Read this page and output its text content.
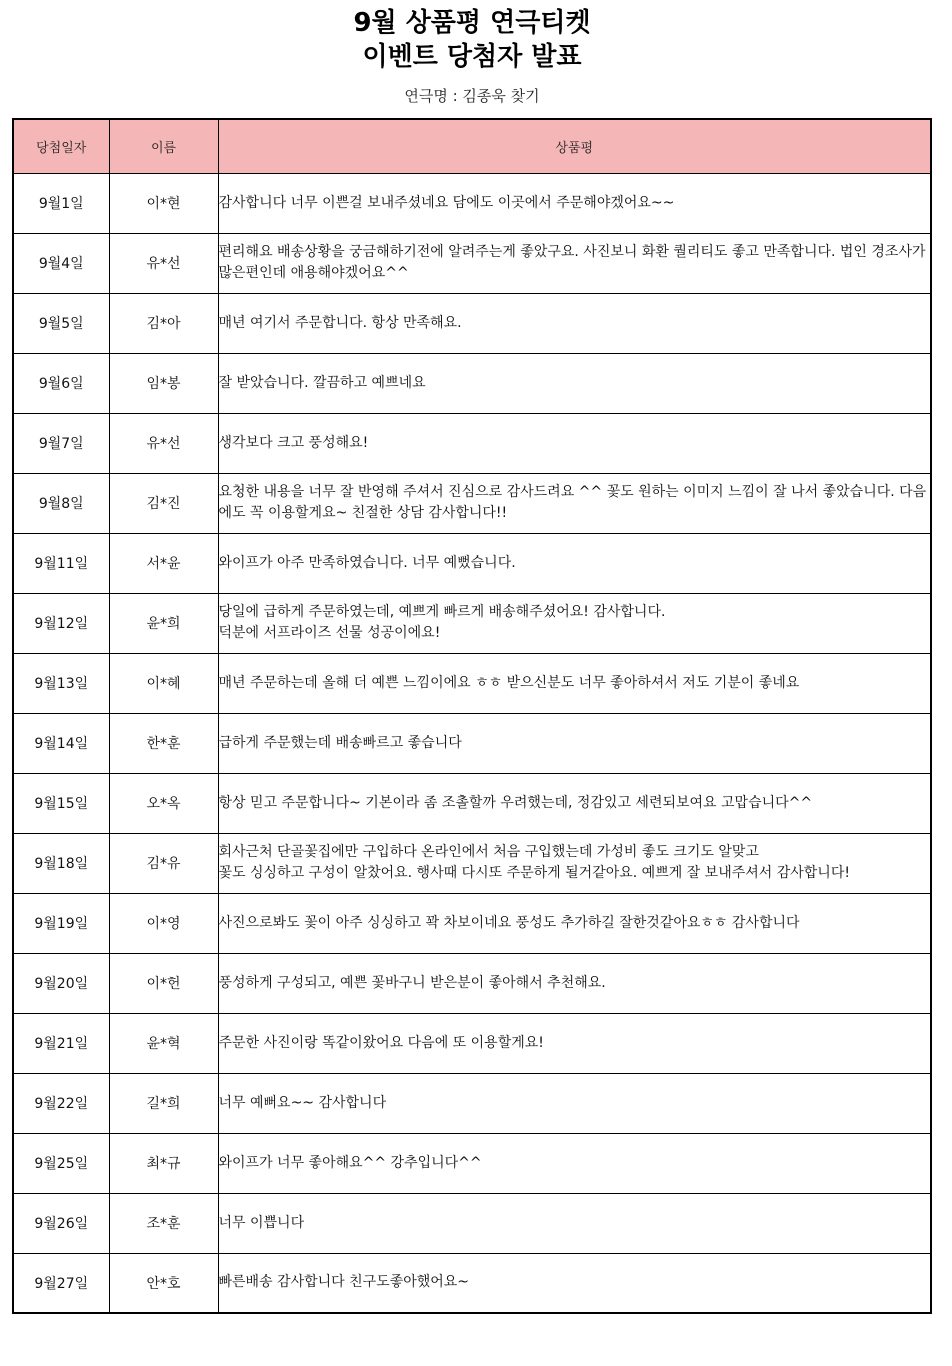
9월 상품평 연극티켓
이벤트 당첨자 발표
연극명 : 김종욱 찾기
당첨일자	이름	상품평
9월1일	이*현	감사합니다 너무 이쁜걸 보내주셨네요 담에도 이곳에서 주문해야겠어요~~
9월4일	유*선	편리해요 배송상황을 궁금해하기전에 알려주는게 좋았구요. 사진보니 화환 퀄리티도 좋고 만족합니다. 법인 경조사가 많은편인데 애용해야겠어요^^
9월5일	김*아	매년 여기서 주문합니다. 항상 만족해요.
9월6일	임*봉	잘 받았습니다. 깔끔하고 예쁘네요
9월7일	유*선	생각보다 크고 풍성해요!
9월8일	김*진	요청한 내용을 너무 잘 반영해 주셔서 진심으로 감사드려요 ^^ 꽃도 원하는 이미지 느낌이 잘 나서 좋았습니다. 다음에도 꼭 이용할게요~ 친절한 상담 감사합니다!!
9월11일	서*윤	와이프가 아주 만족하였습니다. 너무 예뻤습니다.
9월12일	윤*희	당일에 급하게 주문하였는데, 예쁘게 빠르게 배송해주셨어요! 감사합니다.
덕분에 서프라이즈 선물 성공이에요!
9월13일	이*혜	매년 주문하는데 올해 더 예쁜 느낌이에요 ㅎㅎ 받으신분도 너무 좋아하셔서 저도 기분이 좋네요
9월14일	한*훈	급하게 주문했는데 배송빠르고 좋습니다
9월15일	오*옥	항상 믿고 주문합니다~ 기본이라 좀 조촐할까 우려했는데, 정감있고 세련되보여요 고맙습니다^^
9월18일	김*유	회사근처 단골꽃집에만 구입하다 온라인에서 처음 구입했는데 가성비 좋도 크기도 알맞고
꽃도 싱싱하고 구성이 알찼어요. 행사때 다시또 주문하게 될거같아요. 예쁘게 잘 보내주셔서 감사합니다!
9월19일	이*영	사진으로봐도 꽃이 아주 싱싱하고 꽉 차보이네요 풍성도 추가하길 잘한것같아요ㅎㅎ 감사합니다
9월20일	이*헌	풍성하게 구성되고, 예쁜 꽃바구니 받은분이 좋아해서 추천해요.
9월21일	윤*혁	주문한 사진이랑 똑같이왔어요 다음에 또 이용할게요!
9월22일	길*희	너무 예뻐요~~ 감사합니다
9월25일	최*규	와이프가 너무 좋아해요^^ 강추입니다^^
9월26일	조*훈	너무 이쁩니다
9월27일	안*호	빠른배송 감사합니다 친구도좋아했어요~
